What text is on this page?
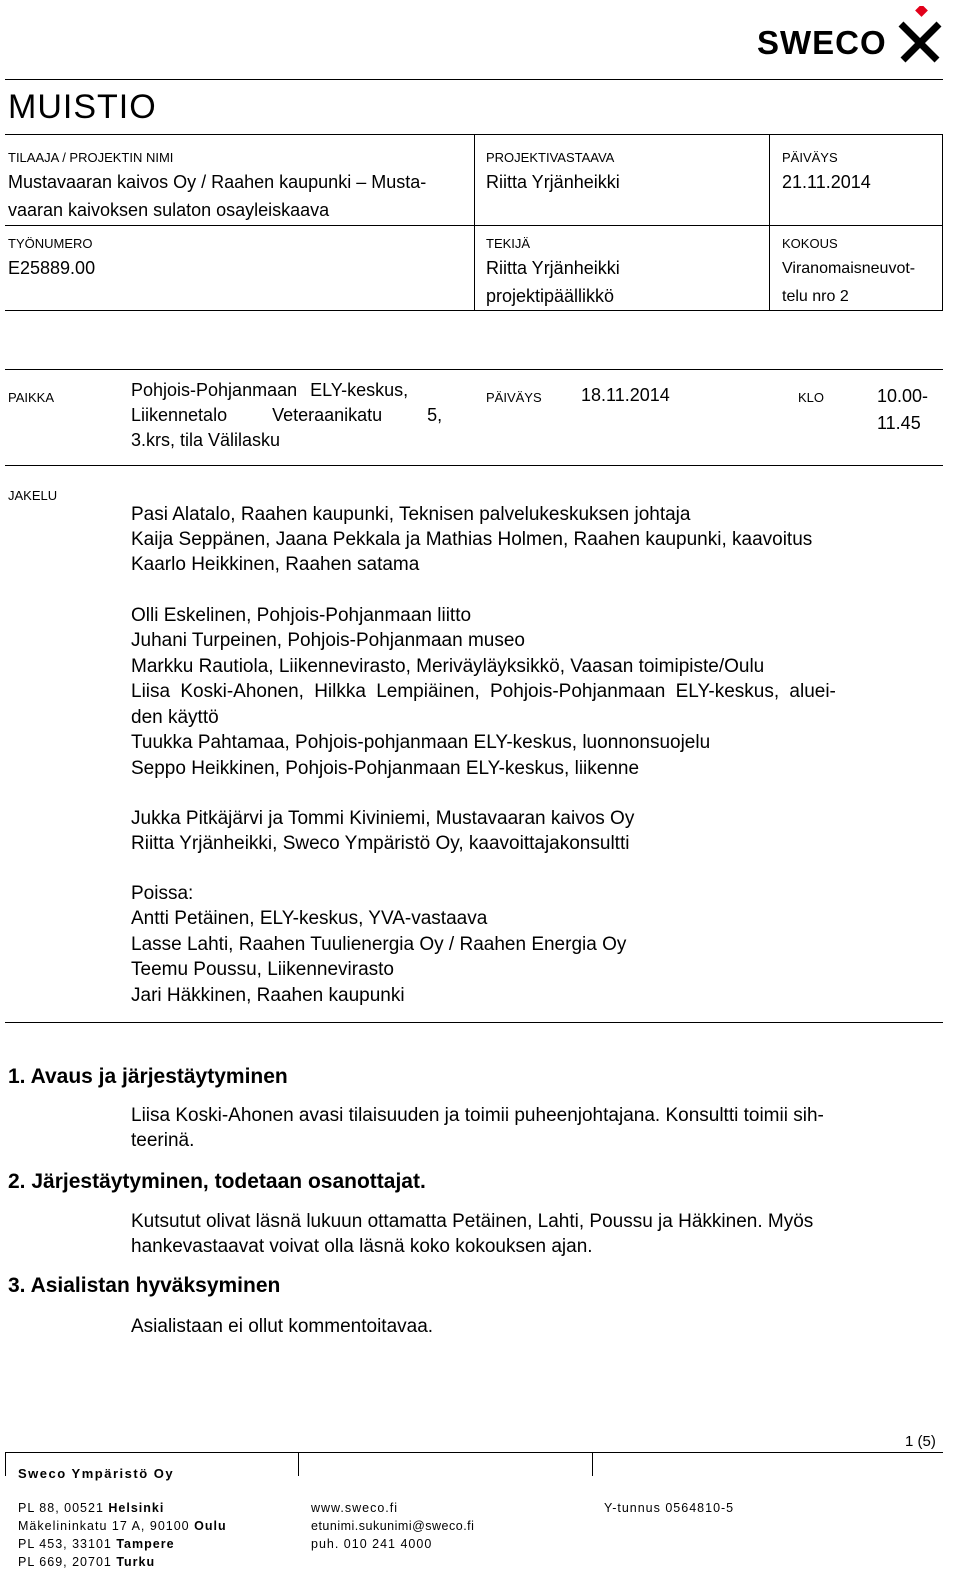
SWECO
MUISTIO
TILAAJA / PROJEKTIN NIMI
Mustavaaran kaivos Oy / Raahen kaupunki – Musta-
vaaran kaivoksen sulaton osayleiskaava
PROJEKTIVASTAAVA
Riitta Yrjänheikki
PÄIVÄYS
21.11.2014
TYÖNUMERO
E25889.00
TEKIJÄ
Riitta Yrjänheikki
projektipäällikkö
KOKOUS
Viranomaisneuvot-
telu nro 2
PAIKKA	Pohjois-Pohjanmaan ELY-keskus,
Liikennetalo Veteraanikatu 5,
3.krs, tila Välilasku
PÄIVÄYS 18.11.2014	KLO	10.00-
11.45
JAKELU
Pasi Alatalo, Raahen kaupunki, Teknisen palvelukeskuksen johtaja
Kaija Seppänen, Jaana Pekkala ja Mathias Holmen, Raahen kaupunki, kaavoitus
Kaarlo Heikkinen, Raahen satama
Olli Eskelinen, Pohjois-Pohjanmaan liitto
Juhani Turpeinen, Pohjois-Pohjanmaan museo
Markku Rautiola, Liikennevirasto, Meriväyläyksikkö, Vaasan toimipiste/Oulu
Liisa Koski-Ahonen, Hilkka Lempiäinen, Pohjois-Pohjanmaan ELY-keskus, aluei-
den käyttö
Tuukka Pahtamaa, Pohjois-pohjanmaan ELY-keskus, luonnonsuojelu
Seppo Heikkinen, Pohjois-Pohjanmaan ELY-keskus, liikenne
Jukka Pitkäjärvi ja Tommi Kiviniemi, Mustavaaran kaivos Oy
Riitta Yrjänheikki, Sweco Ympäristö Oy, kaavoittajakonsultti
Poissa:
Antti Petäinen, ELY-keskus, YVA-vastaava
Lasse Lahti, Raahen Tuulienergia Oy / Raahen Energia Oy
Teemu Poussu, Liikennevirasto
Jari Häkkinen, Raahen kaupunki
1. Avaus ja järjestäytyminen
Liisa Koski-Ahonen avasi tilaisuuden ja toimii puheenjohtajana. Konsultti toimii sih-
teerinä.
2. Järjestäytyminen, todetaan osanottajat.
Kutsutut olivat läsnä lukuun ottamatta Petäinen, Lahti, Poussu ja Häkkinen. Myös
hankevastaavat voivat olla läsnä koko kokouksen ajan.
3. Asialistan hyväksyminen
Asialistaan ei ollut kommentoitavaa.
1 (5)
Sweco Ympäristö Oy
PL 88, 00521 Helsinki
Mäkelininkatu 17 A, 90100 Oulu
PL 453, 33101 Tampere
PL 669, 20701 Turku
www.sweco.fi
etunimi.sukunimi@sweco.fi
puh. 010 241 4000
Y-tunnus 0564810-5
